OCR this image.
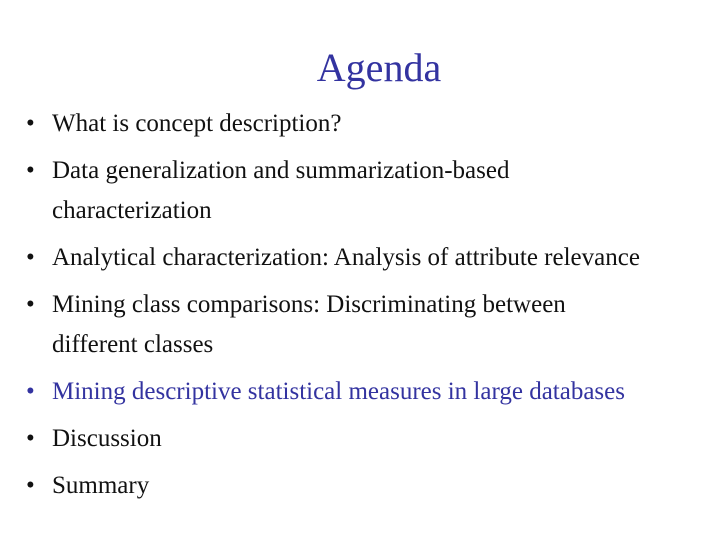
Agenda
• What is concept description?
• Data generalization and summarization-based
characterization
• Analytical characterization: Analysis of attribute relevance
• Mining class comparisons: Discriminating between
different classes
• Mining descriptive statistical measures in large databases
• Discussion
• Summary
